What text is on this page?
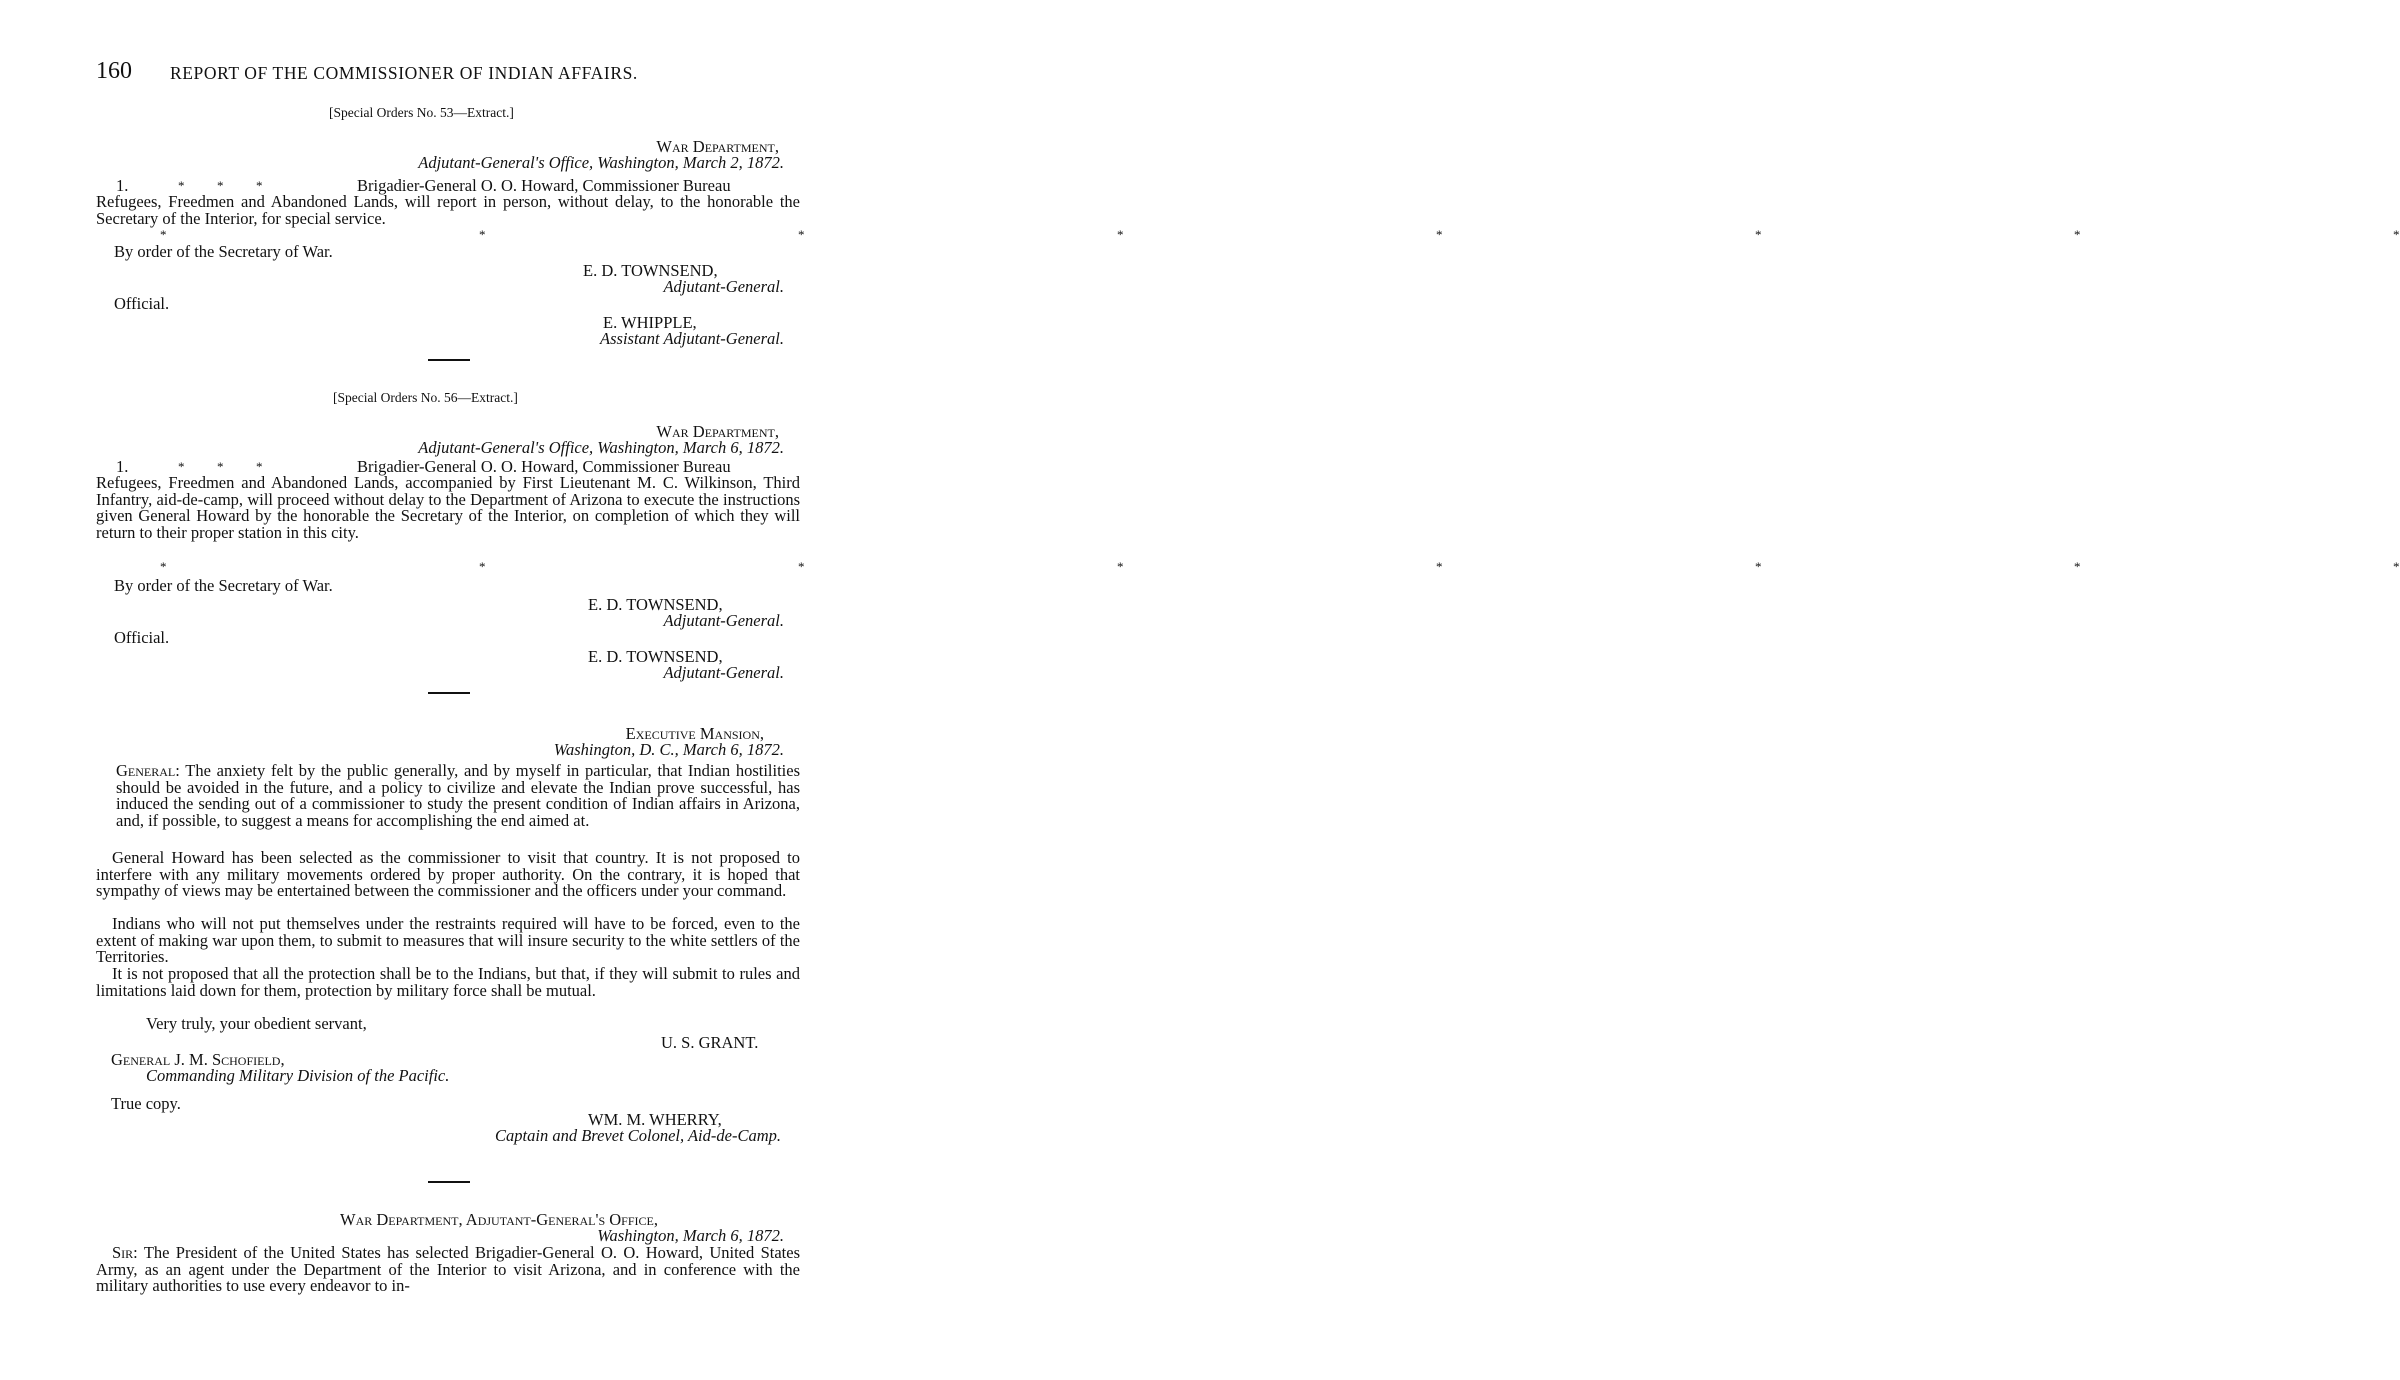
160 REPORT OF THE COMMISSIONER OF INDIAN AFFAIRS.
[Special Orders No. 53—Extract.]
War Department,
Adjutant-General's Office, Washington, March 2, 1872.
1.	*          *          *	Brigadier-General O. O. Howard, Commissioner Bureau
Refugees, Freedmen and Abandoned Lands, will report in person, without delay, to the honorable the Secretary of the Interior, for special service.
*          *          *          *          *          *          *          *
By order of the Secretary of War.
E. D. TOWNSEND,
Adjutant-General.
Official.
E. WHIPPLE,
Assistant Adjutant-General.
[Special Orders No. 56—Extract.]
War Department,
Adjutant-General's Office, Washington, March 6, 1872.
1.	*          *          *	Brigadier-General O. O. Howard, Commissioner Bureau
Refugees, Freedmen and Abandoned Lands, accompanied by First Lieutenant M. C. Wilkinson, Third Infantry, aid-de-camp, will proceed without delay to the Department of Arizona to execute the instructions given General Howard by the honorable the Secretary of the Interior, on completion of which they will return to their proper station in this city.
*          *          *          *          *          *          *          *
By order of the Secretary of War.
E. D. TOWNSEND,
Adjutant-General.
Official.
E. D. TOWNSEND,
Adjutant-General.
Executive Mansion,
Washington, D. C., March 6, 1872.

General: The anxiety felt by the public generally, and by myself in particular, that Indian hostilities should be avoided in the future, and a policy to civilize and elevate the Indian prove successful, has induced the sending out of a commissioner to study the present condition of Indian affairs in Arizona, and, if possible, to suggest a means for accomplishing the end aimed at.

General Howard has been selected as the commissioner to visit that country. It is not proposed to interfere with any military movements ordered by proper authority. On the contrary, it is hoped that sympathy of views may be entertained between the commissioner and the officers under your command.

Indians who will not put themselves under the restraints required will have to be forced, even to the extent of making war upon them, to submit to measures that will insure security to the white settlers of the Territories.

It is not proposed that all the protection shall be to the Indians, but that, if they will submit to rules and limitations laid down for them, protection by military force shall be mutual.

Very truly, your obedient servant,
U. S. GRANT.
General J. M. Schofield,
Commanding Military Division of the Pacific.
True copy.
WM. M. WHERRY,
Captain and Brevet Colonel, Aid-de-Camp.
War Department, Adjutant-General's Office,
Washington, March 6, 1872.

Sir: The President of the United States has selected Brigadier-General O. O. Howard, United States Army, as an agent under the Department of the Interior to visit Arizona, and in conference with the military authorities to use every endeavor to in-
